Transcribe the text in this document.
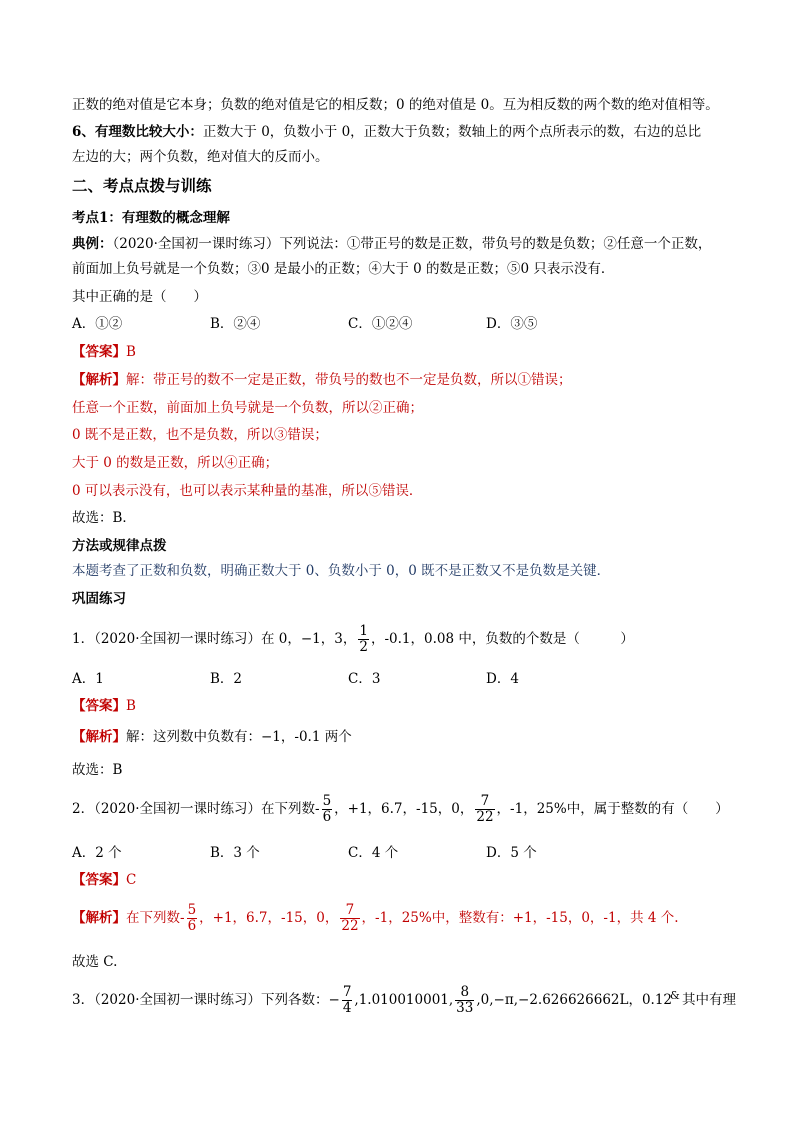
正数的绝对值是它本身；负数的绝对值是它的相反数；0 的绝对值是 0。互为相反数的两个数的绝对值相等。
6、有理数比较大小：正数大于 0，负数小于 0，正数大于负数；数轴上的两个点所表示的数，右边的总比
左边的大；两个负数，绝对值大的反而小。
二、考点点拨与训练
考点1：有理数的概念理解
典例：（2020·全国初一课时练习）下列说法：①带正号的数是正数，带负号的数是负数；②任意一个正数，
前面加上负号就是一个负数；③0 是最小的正数；④大于 0 的数是正数；⑤0 只表示没有．
其中正确的是（　　）
A．①②	B．②④	C．①②④	D．③⑤
【答案】B
【解析】解：带正号的数不一定是正数，带负号的数也不一定是负数，所以①错误；
任意一个正数，前面加上负号就是一个负数，所以②正确；
0 既不是正数，也不是负数，所以③错误；
大于 0 的数是正数，所以④正确；
0 可以表示没有，也可以表示某种量的基准，所以⑤错误．
故选：B．
方法或规律点拨
本题考查了正数和负数，明确正数大于 0、负数小于 0，0 既不是正数又不是负数是关键．
巩固练习
1．（2020·全国初一课时练习）在 0，−1，3， $\frac{1}{2}$ ，-0.1，0.08 中，负数的个数是（　　　）
A．1	B．2	C．3	D．4
【答案】B
【解析】解：这列数中负数有：−1，-0.1 两个
故选：B
2．（2020·全国初一课时练习）在下列数- $\frac{5}{6}$ ，+1，6.7，-15，0， $\frac{7}{22}$ ，-1，25%中，属于整数的有（　　）
A．2 个	B．3 个	C．4 个	D．5 个
【答案】C
【解析】在下列数- $\frac{5}{6}$ ，+1，6.7，-15，0， $\frac{7}{22}$ ，-1，25%中，整数有：+1，-15，0，-1，共 4 个.
故选 C.
3．（2020·全国初一课时练习）下列各数：− $\frac{7}{4} ,1.010010001$, $\frac{8}{33} ,0,-\pi,-2.626626662L$，0.12
& 其中有理
